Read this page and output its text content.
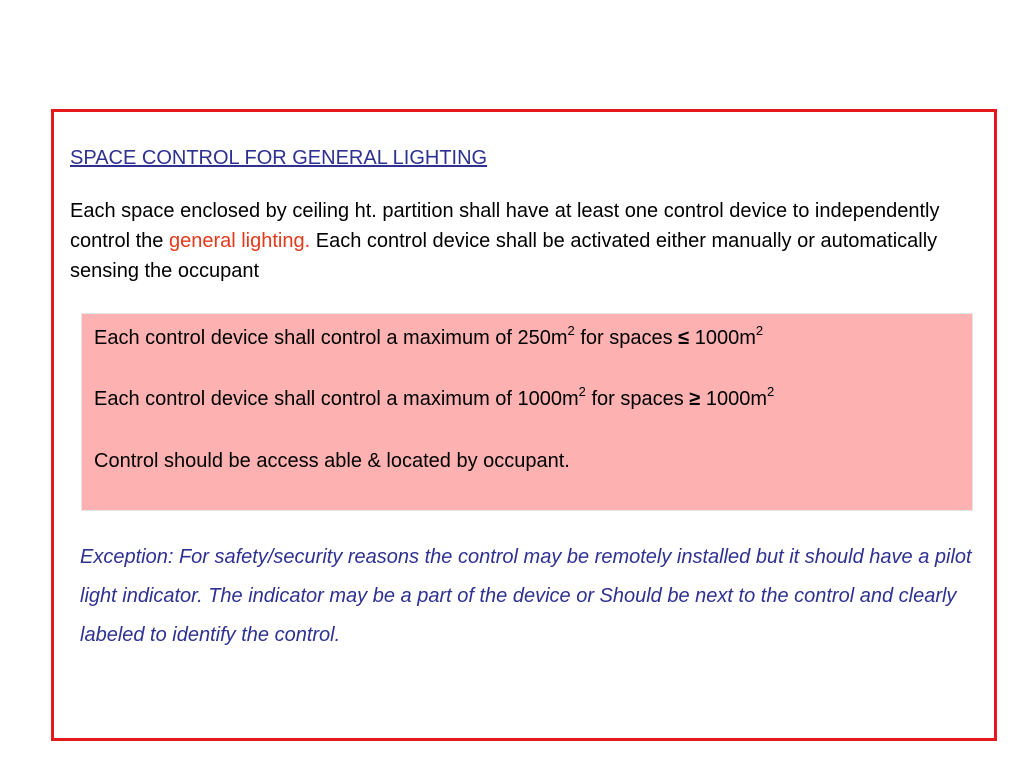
SPACE CONTROL FOR GENERAL LIGHTING
Each space enclosed by ceiling ht. partition shall have at least one control device to independently control the general lighting. Each control device shall be activated either manually or automatically sensing the occupant
Each control device shall control a maximum of $250m^2$ for spaces ≤ $1000m^2$
Each control device shall control a maximum of $1000m^2$ for spaces ≥ $1000m^2$
Control should be access able & located by occupant.
Exception: For safety/security reasons the control may be remotely installed but it should have a pilot light indicator. The indicator may be a part of the device or Should be next to the control and clearly labeled to identify the control.
